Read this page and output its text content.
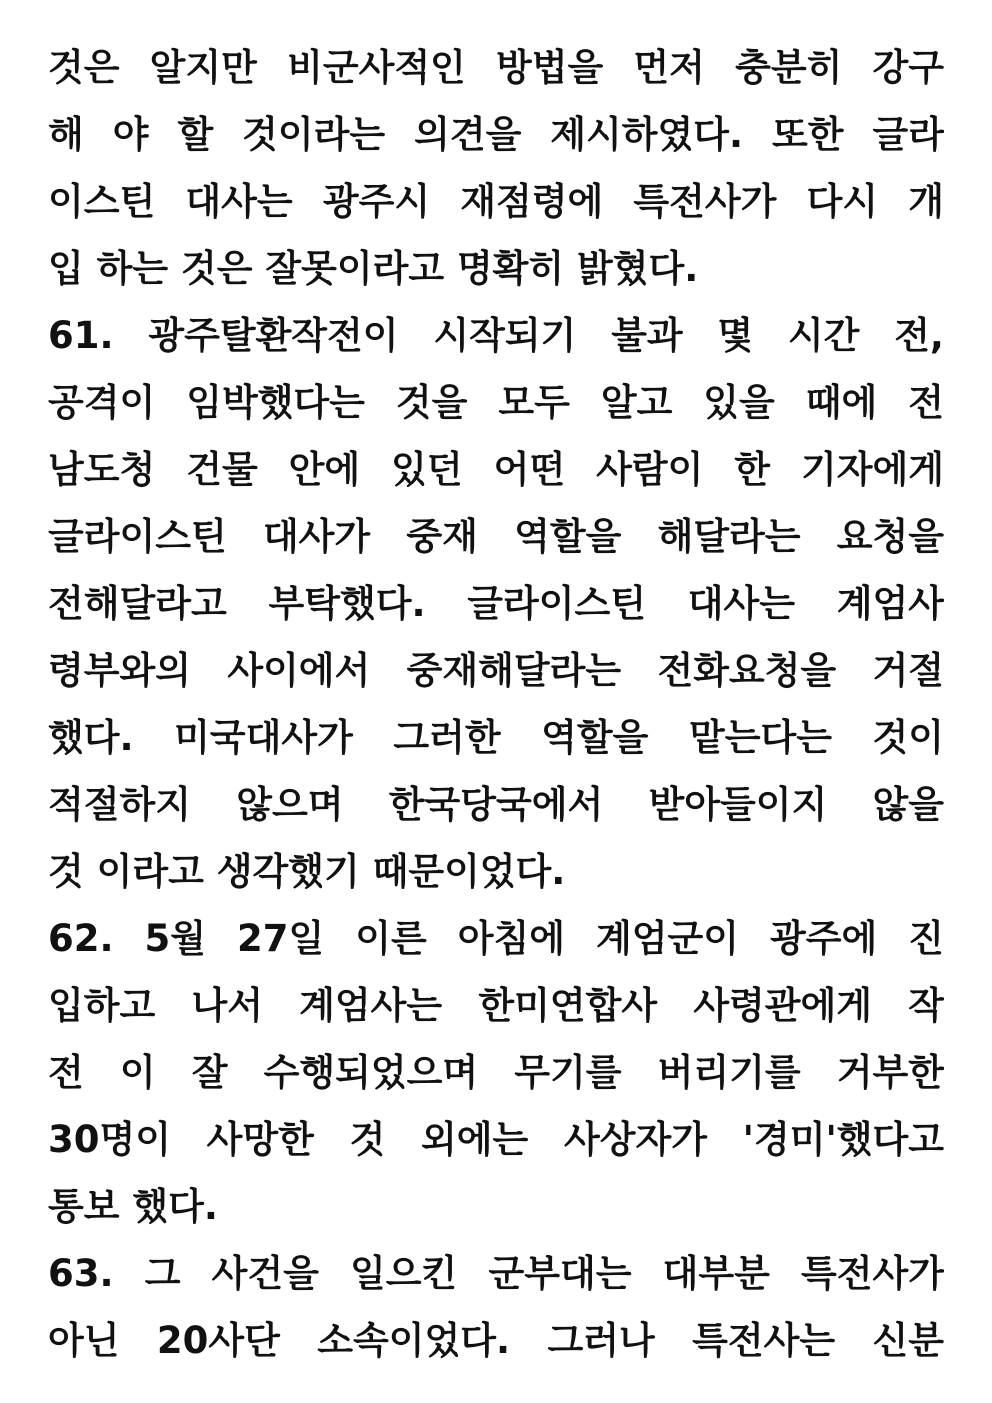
것은 알지만 비군사적인 방법을 먼저 충분히 강구
해 야 할 것이라는 의견을 제시하였다. 또한 글라
이스틴 대사는 광주시 재점령에 특전사가 다시 개
입 하는 것은 잘못이라고 명확히 밝혔다.
61. 광주탈환작전이 시작되기 불과 몇 시간 전,
공격이 임박했다는 것을 모두 알고 있을 때에 전
남도청 건물 안에 있던 어떤 사람이 한 기자에게
글라이스틴 대사가 중재 역할을 해달라는 요청을
전해달라고 부탁했다. 글라이스틴 대사는 계엄사
령부와의 사이에서 중재해달라는 전화요청을 거절
했다. 미국대사가 그러한 역할을 맡는다는 것이
적절하지 않으며 한국당국에서 받아들이지 않을
것 이라고 생각했기 때문이었다.
62. 5월 27일 이른 아침에 계엄군이 광주에 진
입하고 나서 계엄사는 한미연합사 사령관에게 작
전 이 잘 수행되었으며 무기를 버리기를 거부한
30명이 사망한 것 외에는 사상자가 '경미'했다고
통보 했다.
63. 그 사건을 일으킨 군부대는 대부분 특전사가
아닌 20사단 소속이었다. 그러나 특전사는 신분
